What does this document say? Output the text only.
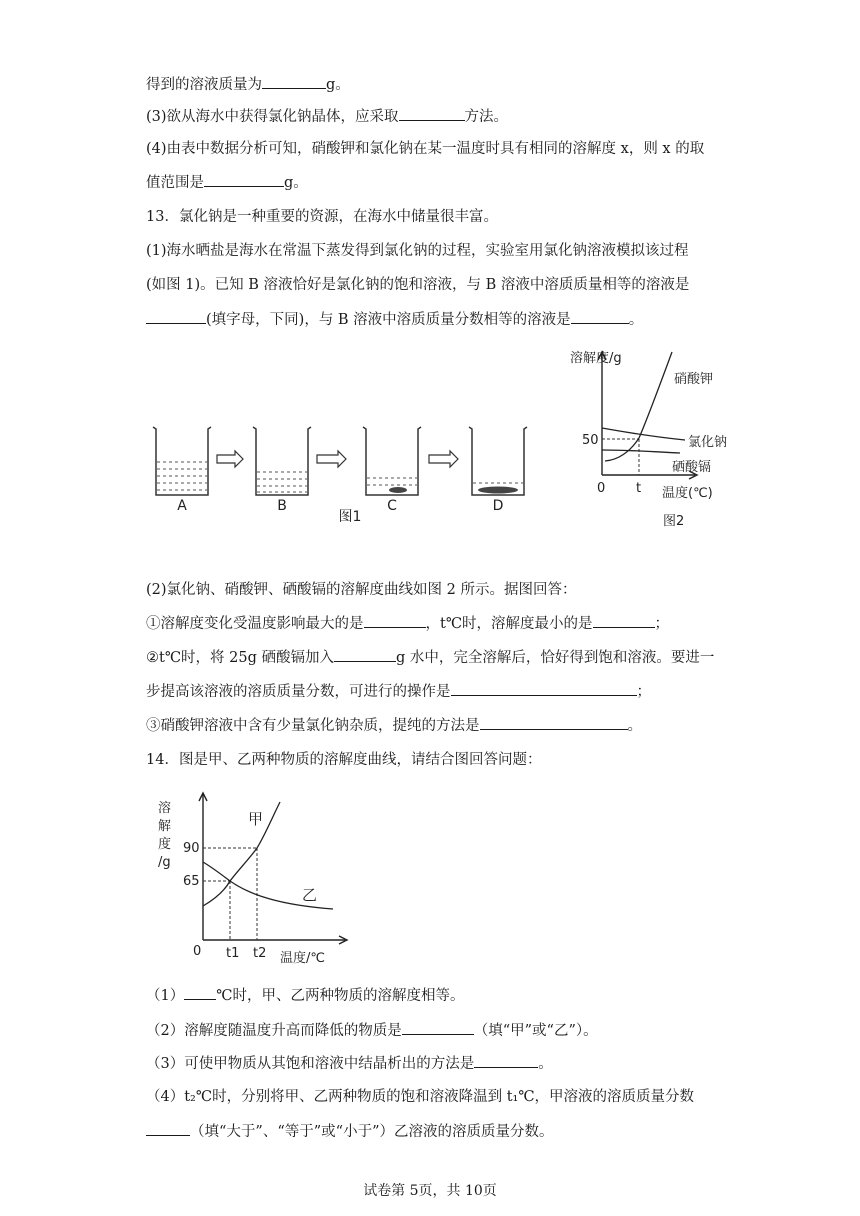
得到的溶液质量为	g。
(3)欲从海水中获得氯化钠晶体，应采取	方法。
(4)由表中数据分析可知，硝酸钾和氯化钠在某一温度时具有相同的溶解度 x，则 x 的取
值范围是	g。
13．氯化钠是一种重要的资源，在海水中储量很丰富。
(1)海水晒盐是海水在常温下蒸发得到氯化钠的过程，实验室用氯化钠溶液模拟该过程
(如图 1)。已知 B 溶液恰好是氯化钠的饱和溶液，与 B 溶液中溶质质量相等的溶液是
(填字母，下同)，与 B 溶液中溶质质量分数相等的溶液是	。
A	B	C	D
图1
溶解度/g
50
0 t 温度(℃)
硝酸钾
氯化钠
硒酸镉
图2
(2)氯化钠、硝酸钾、硒酸镉的溶解度曲线如图 2 所示。据图回答：
①溶解度变化受温度影响最大的是	，t℃时，溶解度最小的是	；
②t℃时，将 25g 硒酸镉加入	g 水中，完全溶解后，恰好得到饱和溶液。要进一
步提高该溶液的溶质质量分数，可进行的操作是	；
③硝酸钾溶液中含有少量氯化钠杂质，提纯的方法是	。
14．图是甲、乙两种物质的溶解度曲线，请结合图回答问题：
溶
解
度
/g
90
65
0 t1 t2 温度/℃
甲
乙
（1） ℃时，甲、乙两种物质的溶解度相等。
（2）溶解度随温度升高而降低的物质是	（填“甲”或“乙”）。
（3）可使甲物质从其饱和溶液中结晶析出的方法是	。
（4）t₂℃时，分别将甲、乙两种物质的饱和溶液降温到 t₁℃，甲溶液的溶质质量分数
（填“大于”、“等于”或“小于”）乙溶液的溶质质量分数。
试卷第 5页，共 10页
